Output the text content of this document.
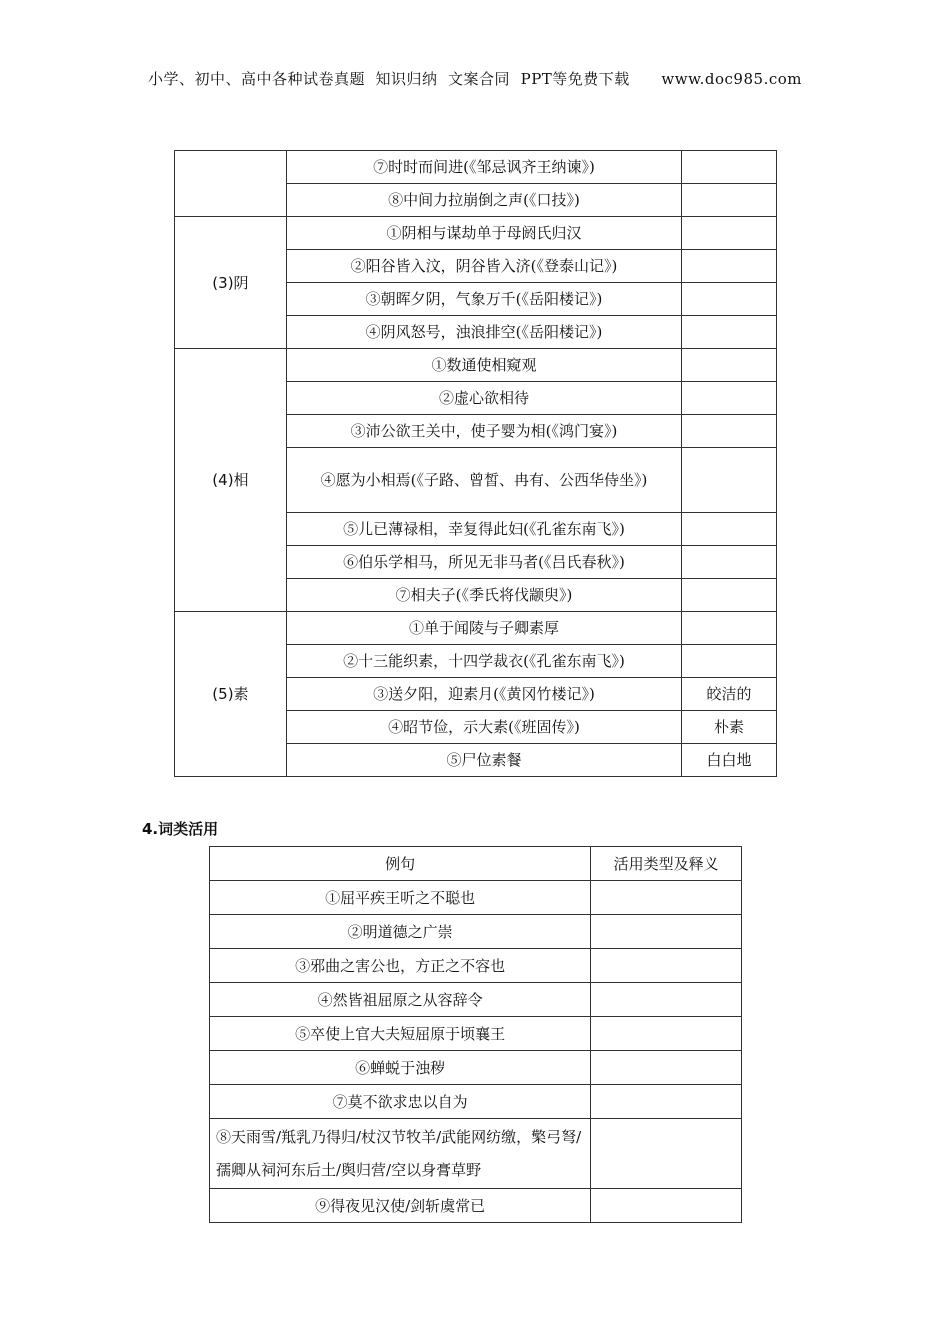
小学、初中、高中各种试卷真题  知识归纳  文案合同  PPT等免费下载      www.doc985.com
	⑦时时而间进(《邹忌讽齐王纳谏》)	
	⑧中间力拉崩倒之声(《口技》)	
(3)阴	①阴相与谋劫单于母阏氏归汉	
	②阳谷皆入汶，阴谷皆入济(《登泰山记》)	
	③朝晖夕阴，气象万千(《岳阳楼记》)	
	④阴风怒号，浊浪排空(《岳阳楼记》)	
(4)相	①数通使相窥观	
	②虚心欲相待	
	③沛公欲王关中，使子婴为相(《鸿门宴》)	
	④愿为小相焉(《子路、曾皙、冉有、公西华侍坐》)	
	⑤儿已薄禄相，幸复得此妇(《孔雀东南飞》)	
	⑥伯乐学相马，所见无非马者(《吕氏春秋》)	
	⑦相夫子(《季氏将伐颛臾》)	
(5)素	①单于闻陵与子卿素厚	
	②十三能织素，十四学裁衣(《孔雀东南飞》)	
	③送夕阳，迎素月(《黄冈竹楼记》)	皎洁的
	④昭节俭，示大素(《班固传》)	朴素
	⑤尸位素餐	白白地
4.词类活用
例句	活用类型及释义
①屈平疾王听之不聪也	
②明道德之广崇	
③邪曲之害公也，方正之不容也	
④然皆祖屈原之从容辞令	
⑤卒使上官大夫短屈原于顷襄王	
⑥蝉蜕于浊秽	
⑦莫不欲求忠以自为	
⑧天雨雪/羝乳乃得归/杖汉节牧羊/武能网纺缴，檠弓弩/孺卿从祠河东后土/舆归营/空以身膏草野	
⑨得夜见汉使/剑斩虞常已	
